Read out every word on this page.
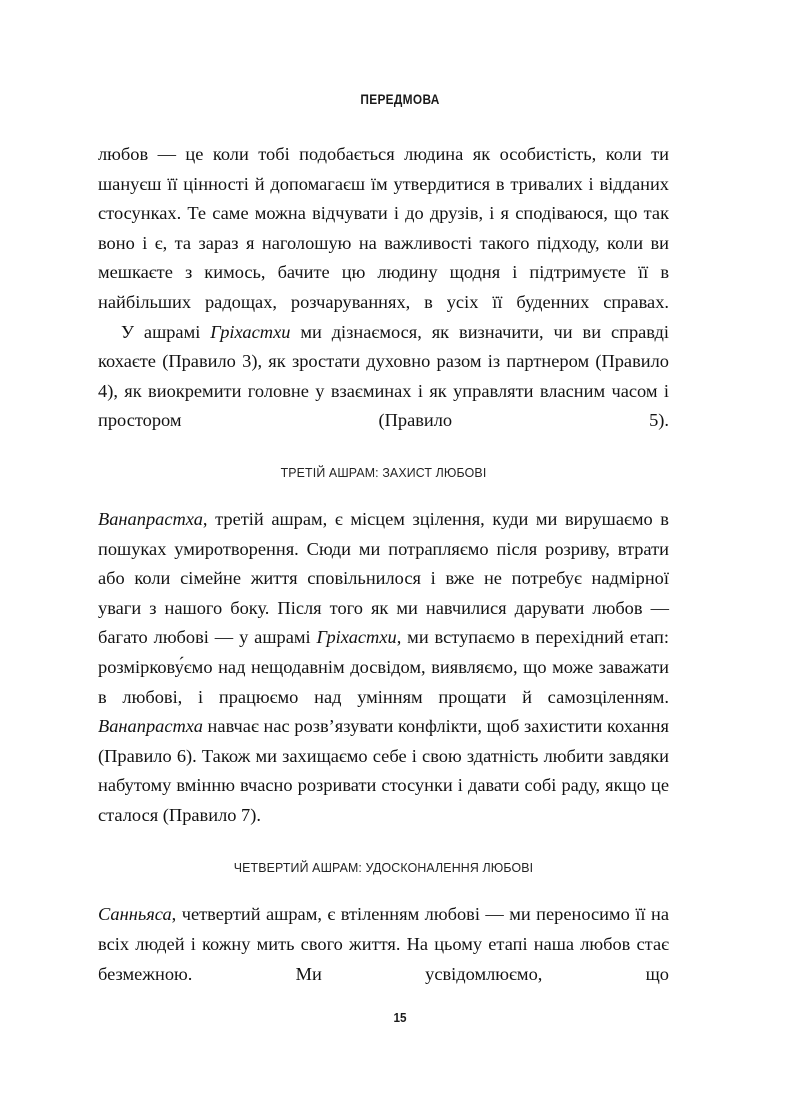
ПЕРЕДМОВА

любов — це коли тобі подобається людина як особистість, коли ти шануєш її цінності й допомагаєш їм утвердитися в тривалих і відданих стосунках. Те саме можна відчувати і до друзів, і я сподіваюся, що так воно і є, та зараз я наголошую на важливості такого підходу, коли ви мешкаєте з кимось, бачите цю людину щодня і підтримуєте її в найбільших радощах, розчаруваннях, в усіх її буденних справах.

У ашрамі Гріхастхи ми дізнаємося, як визначити, чи ви справді кохаєте (Правило 3), як зростати духовно разом із партнером (Правило 4), як виокремити головне у взаєминах і як управляти власним часом і простором (Правило 5).

ТРЕТІЙ АШРАМ: ЗАХИСТ ЛЮБОВІ

Ванапрастха, третій ашрам, є місцем зцілення, куди ми вирушаємо в пошуках умиротворення. Сюди ми потрапляємо після розриву, втрати або коли сімейне життя сповільнилося і вже не потребує надмірної уваги з нашого боку. Після того як ми навчилися дарувати любов — багато любові — у ашрамі Гріхастхи, ми вступаємо в перехідний етап: розміркову́ємо над нещодавнім досвідом, виявляємо, що може заважати в любові, і працюємо над умінням прощати й самозціленням. Ванапрастха навчає нас розв’язувати конфлікти, щоб захистити кохання (Правило 6). Також ми захищаємо себе і свою здатність любити завдяки набутому вмінню вчасно розривати стосунки і давати собі раду, якщо це сталося (Правило 7).

ЧЕТВЕРТИЙ АШРАМ: УДОСКОНАЛЕННЯ ЛЮБОВІ

Санньяса, четвертий ашрам, є втіленням любові — ми переносимо її на всіх людей і кожну мить свого життя. На цьому етапі наша любов стає безмежною. Ми усвідомлюємо, що

15
